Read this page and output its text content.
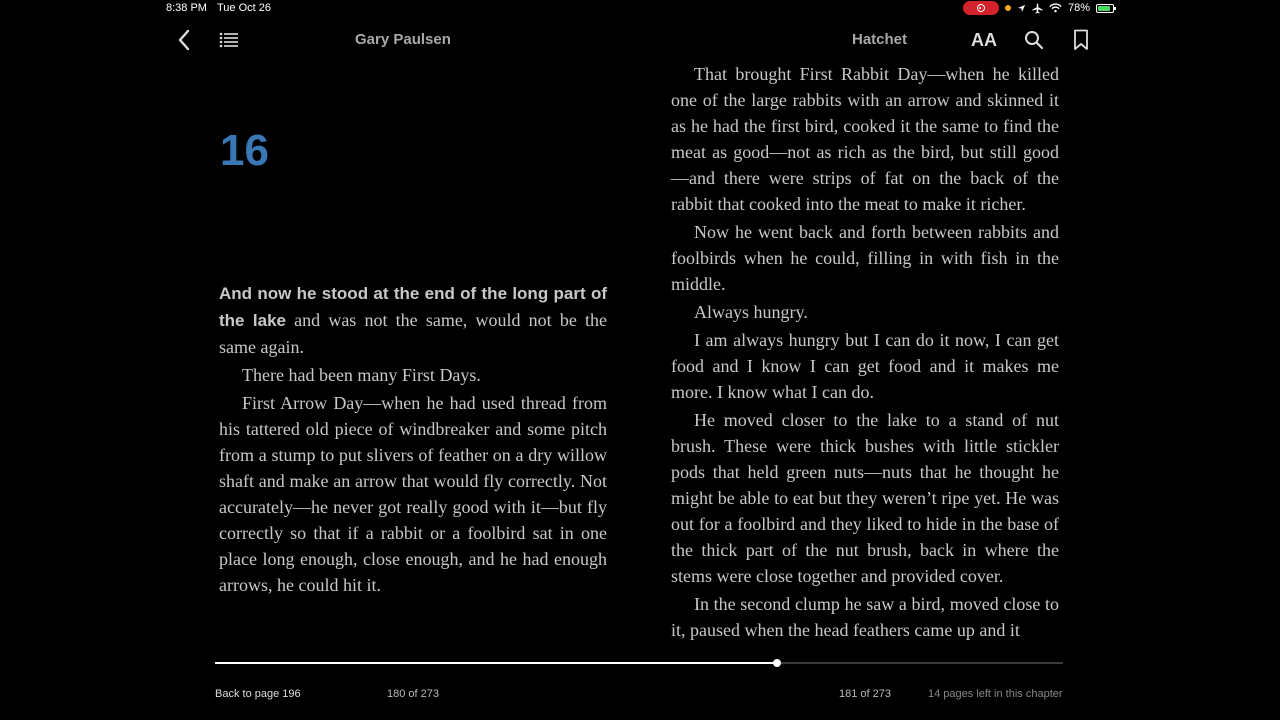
8:38 PM Tue Oct 26	78%
Gary Paulsen	Hatchet	AA
16

And now he stood at the end of the long part of the lake and was not the same, would not be the same again.

There had been many First Days.

First Arrow Day—when he had used thread from his tattered old piece of windbreaker and some pitch from a stump to put slivers of feather on a dry willow shaft and make an arrow that would fly correctly. Not accurately—he never got really good with it—but fly correctly so that if a rabbit or a foolbird sat in one place long enough, close enough, and he had enough arrows, he could hit it.

That brought First Rabbit Day—when he killed one of the large rabbits with an arrow and skinned it as he had the first bird, cooked it the same to find the meat as good—not as rich as the bird, but still good—and there were strips of fat on the back of the rabbit that cooked into the meat to make it richer.

Now he went back and forth between rabbits and foolbirds when he could, filling in with fish in the middle.

Always hungry.

I am always hungry but I can do it now, I can get food and I know I can get food and it makes me more. I know what I can do.

He moved closer to the lake to a stand of nut brush. These were thick bushes with little stickler pods that held green nuts—nuts that he thought he might be able to eat but they weren’t ripe yet. He was out for a foolbird and they liked to hide in the base of the thick part of the nut brush, back in where the stems were close together and provided cover.

In the second clump he saw a bird, moved close to it, paused when the head feathers came up and it

Back to page 196	180 of 273	181 of 273	14 pages left in this chapter
